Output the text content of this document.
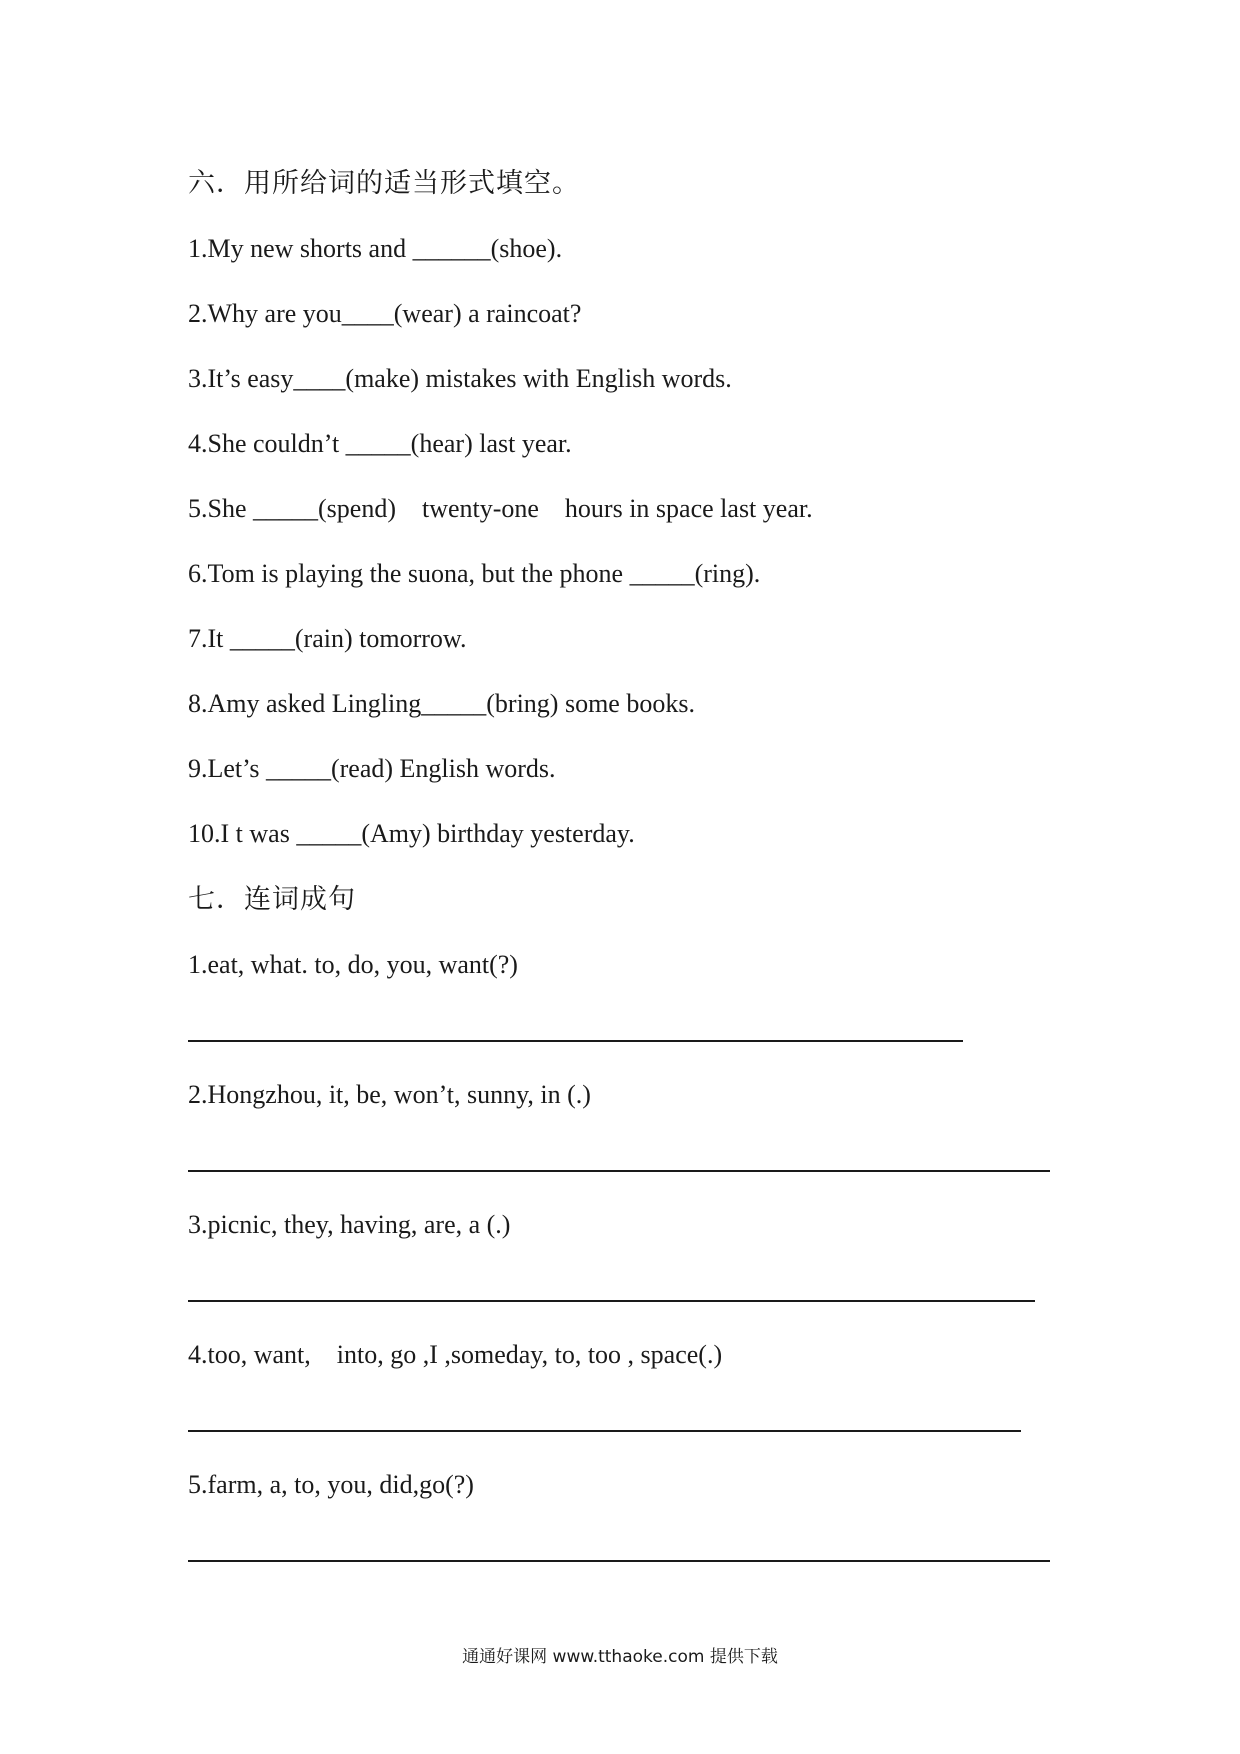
六．用所给词的适当形式填空。
1.My new shorts and ______(shoe).
2.Why are you____(wear) a raincoat?
3.It’s easy____(make) mistakes with English words.
4.She couldn’t _____(hear) last year.
5.She _____(spend)    twenty-one    hours in space last year.
6.Tom is playing the suona, but the phone _____(ring).
7.It _____(rain) tomorrow.
8.Amy asked Lingling_____(bring) some books.
9.Let’s _____(read) English words.
10.I t was _____(Amy) birthday yesterday.
七．连词成句
1.eat, what. to, do, you, want(?)
2.Hongzhou, it, be, won’t, sunny, in (.)
3.picnic, they, having, are, a (.)
4.too, want,    into, go ,I ,someday, to, too , space(.)
5.farm, a, to, you, did,go(?)
通通好课网 www.tthaoke.com 提供下载
